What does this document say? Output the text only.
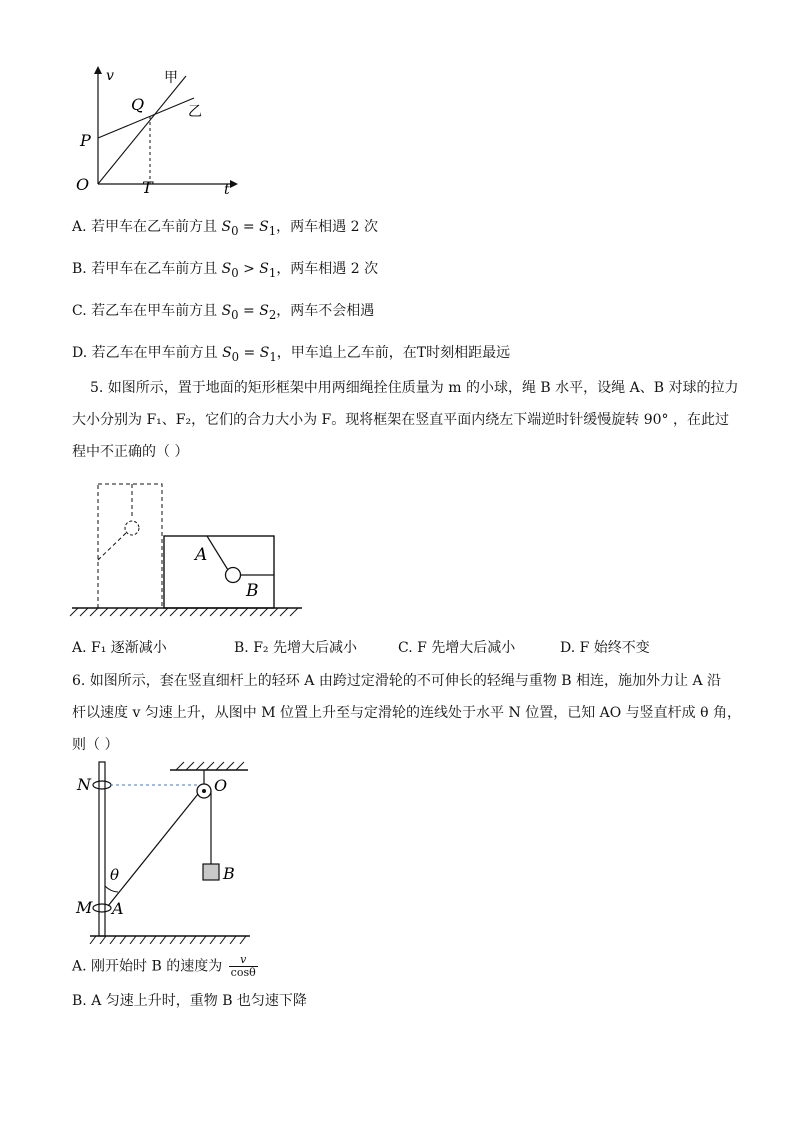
v	甲
乙
Q
P
O	T	t
A. 若甲车在乙车前方且 $S_0 = S_1$，两车相遇 2 次
B. 若甲车在乙车前方且 $S_0 > S_1$，两车相遇 2 次
C. 若乙车在甲车前方且 $S_0 = S_2$，两车不会相遇
D. 若乙车在甲车前方且 $S_0 = S_1$，甲车追上乙车前，在T时刻相距最远
5. 如图所示，置于地面的矩形框架中用两细绳拴住质量为 m 的小球，绳 B 水平，设绳 A、B 对球的拉力
大小分别为 F₁、F₂，它们的合力大小为 F。现将框架在竖直平面内绕左下端逆时针缓慢旋转 90° ，在此过
程中不正确的（ ）
A
B
A. F₁ 逐渐减小	B. F₂ 先增大后减小	C. F 先增大后减小	D. F 始终不变
6. 如图所示，套在竖直细杆上的轻环 A 由跨过定滑轮的不可伸长的轻绳与重物 B 相连，施加外力让 A 沿
杆以速度 v 匀速上升，从图中 M 位置上升至与定滑轮的连线处于水平 N 位置，已知 AO 与竖直杆成 θ 角，
则（ ）
N	O
θ	B
M A
A. 刚开始时 B 的速度为 $\frac{v}{\cos\theta}$
B. A 匀速上升时，重物 B 也匀速下降
